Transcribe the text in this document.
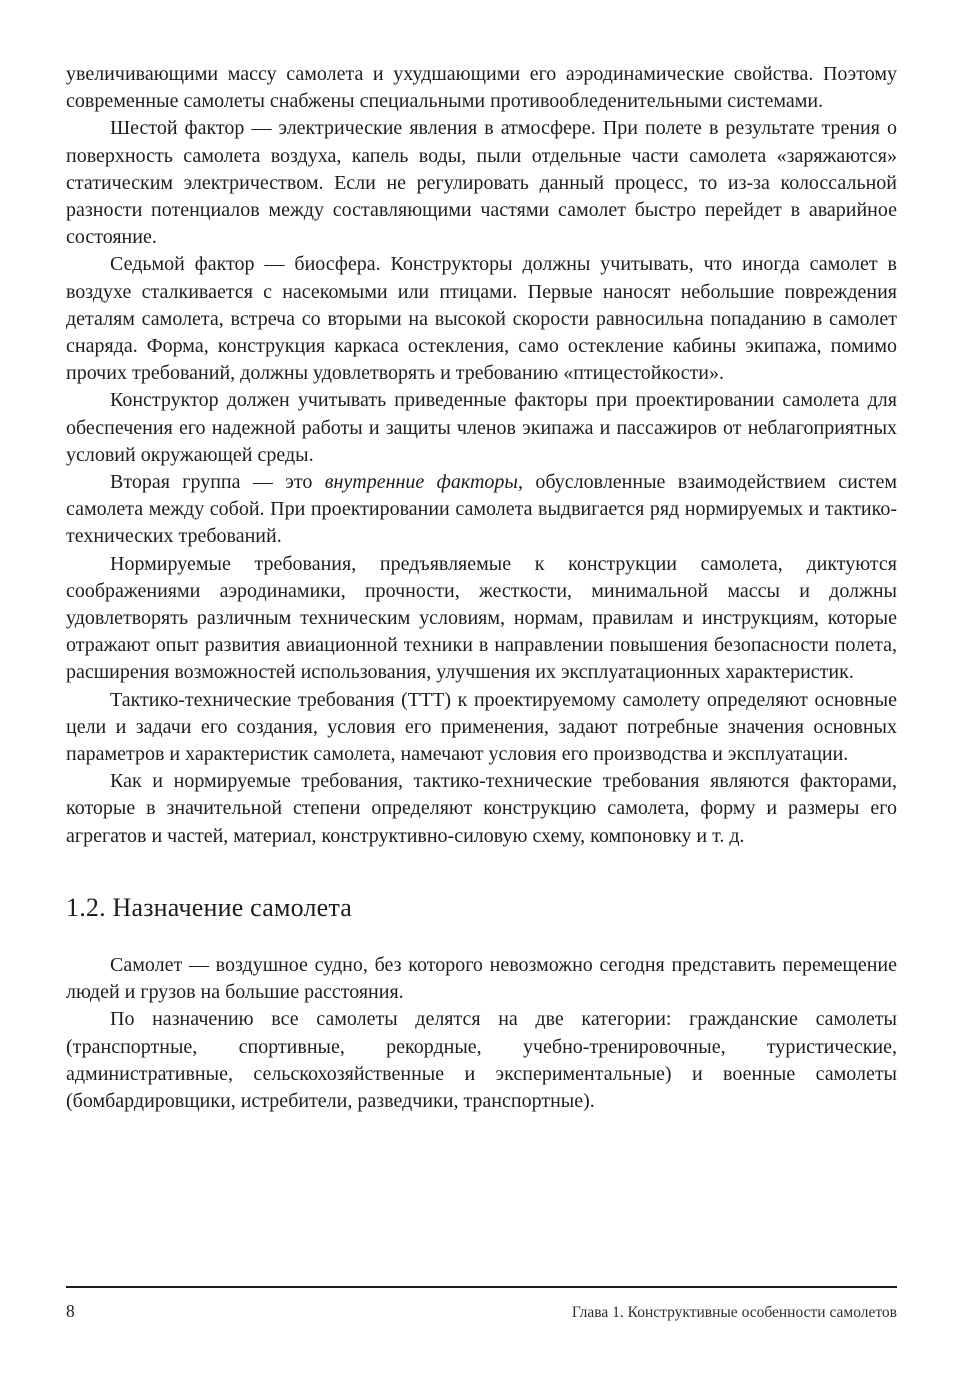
увеличивающими массу самолета и ухудшающими его аэродинамические свойства. Поэтому современные самолеты снабжены специальными противообледенительными системами.

Шестой фактор — электрические явления в атмосфере. При полете в результате трения о поверхность самолета воздуха, капель воды, пыли отдельные части самолета «заряжаются» статическим электричеством. Если не регулировать данный процесс, то из-за колоссальной разности потенциалов между составляющими частями самолет быстро перейдет в аварийное состояние.

Седьмой фактор — биосфера. Конструкторы должны учитывать, что иногда самолет в воздухе сталкивается с насекомыми или птицами. Первые наносят небольшие повреждения деталям самолета, встреча со вторыми на высокой скорости равносильна попаданию в самолет снаряда. Форма, конструкция каркаса остекления, само остекление кабины экипажа, помимо прочих требований, должны удовлетворять и требованию «птицестойкости».

Конструктор должен учитывать приведенные факторы при проектировании самолета для обеспечения его надежной работы и защиты членов экипажа и пассажиров от неблагоприятных условий окружающей среды.

Вторая группа — это внутренние факторы, обусловленные взаимодействием систем самолета между собой. При проектировании самолета выдвигается ряд нормируемых и тактико-технических требований.

Нормируемые требования, предъявляемые к конструкции самолета, диктуются соображениями аэродинамики, прочности, жесткости, минимальной массы и должны удовлетворять различным техническим условиям, нормам, правилам и инструкциям, которые отражают опыт развития авиационной техники в направлении повышения безопасности полета, расширения возможностей использования, улучшения их эксплуатационных характеристик.

Тактико-технические требования (ТТТ) к проектируемому самолету определяют основные цели и задачи его создания, условия его применения, задают потребные значения основных параметров и характеристик самолета, намечают условия его производства и эксплуатации.

Как и нормируемые требования, тактико-технические требования являются факторами, которые в значительной степени определяют конструкцию самолета, форму и размеры его агрегатов и частей, материал, конструктивно-силовую схему, компоновку и т. д.

1.2. Назначение самолета

Самолет — воздушное судно, без которого невозможно сегодня представить перемещение людей и грузов на большие расстояния.

По назначению все самолеты делятся на две категории: гражданские самолеты (транспортные, спортивные, рекордные, учебно-тренировочные, туристические, административные, сельскохозяйственные и экспериментальные) и военные самолеты (бомбардировщики, истребители, разведчики, транспортные).

8	Глава 1. Конструктивные особенности самолетов
